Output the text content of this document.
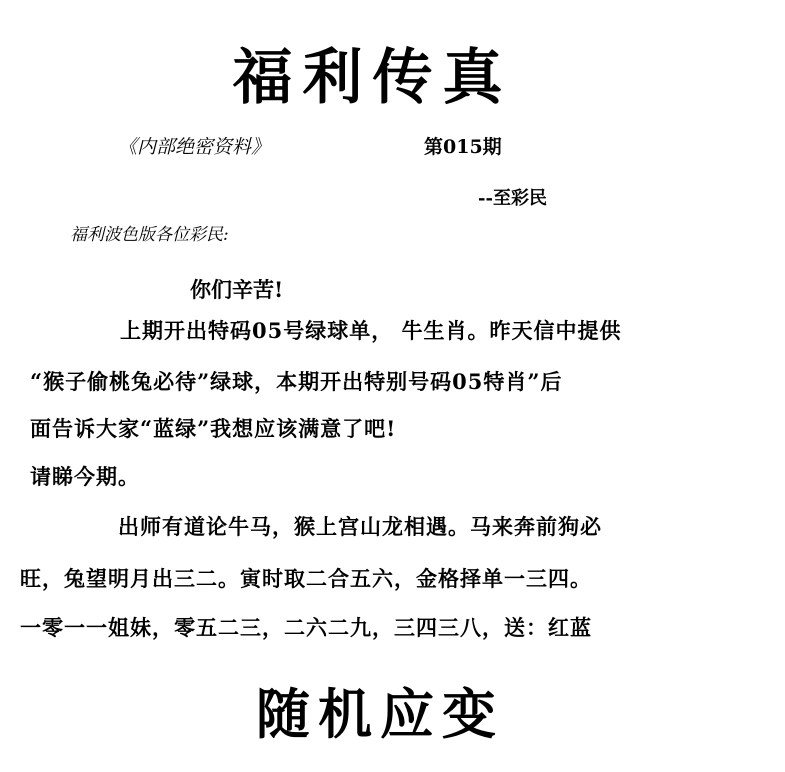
福利传真
《内部绝密资料》	第015期
--至彩民
福利波色版各位彩民:
你们辛苦!
上期开出特码05号绿球单， 牛生肖。昨天信中提供
“猴子偷桃兔必待”绿球，本期开出特别号码05特肖”后
面告诉大家“蓝绿”我想应该满意了吧!
请睇今期。
出师有道论牛马，猴上宫山龙相遇。马来奔前狗必
旺，兔望明月出三二。寅时取二合五六，金格择单一三四。
一零一一姐妹，零五二三，二六二九，三四三八，送：红蓝
随机应变
